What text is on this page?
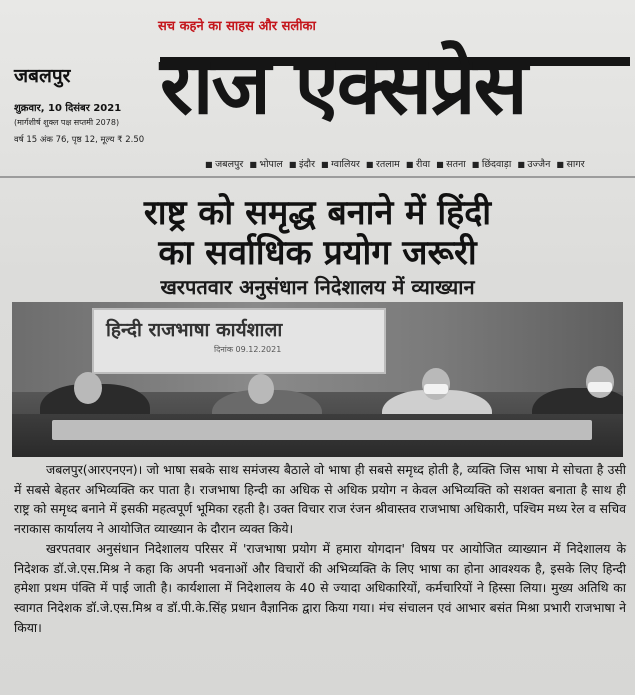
सच कहने का साहस और सलीका
जबलपुर
शुक्रवार, 10 दिसंबर 2021
(मार्गशीर्ष शुक्ल पक्ष सप्तमी 2078)
वर्ष 15 अंक 76, पृष्ठ 12, मूल्य ₹ 2.50
राज एक्सप्रेस
■ जबलपुर ■ भोपाल ■ इंदौर ■ ग्वालियर ■ रतलाम ■ रीवा ■ सतना ■ छिंदवाड़ा ■ उज्जैन ■ सागर
राष्ट्र को समृद्ध बनाने में हिंदी
का सर्वाधिक प्रयोग जरूरी
खरपतवार अनुसंधान निदेशालय में व्याख्यान
हिन्दी राजभाषा कार्यशाला
दिनांक 09.12.2021

जबलपुर(आरएनएन)। जो भाषा सबके साथ समंजस्य बैठाले वो भाषा ही सबसे समृध्द होती है, व्यक्ति जिस भाषा मे सोचता है उसी में सबसे बेहतर अभिव्यक्ति कर पाता है। राजभाषा हिन्दी का अधिक से अधिक प्रयोग न केवल अभिव्यक्ति को सशक्त बनाता है साथ ही राष्ट्र को समृध्द बनाने में इसकी महत्वपूर्ण भूमिका रहती है। उक्त विचार राज रंजन श्रीवास्तव राजभाषा अधिकारी, पश्चिम मध्य रेल व सचिव नराकास कार्यालय ने आयोजित व्याख्यान के दौरान व्यक्त किये।

खरपतवार अनुसंधान निदेशालय परिसर में 'राजभाषा प्रयोग में हमारा योगदान' विषय पर आयोजित व्याख्यान में निदेशालय के निदेशक डॉ.जे.एस.मिश्र ने कहा कि अपनी भवनाओं और विचारों की अभिव्यक्ति के लिए भाषा का होना आवश्यक है, इसके लिए हिन्दी हमेशा प्रथम पंक्ति में पाई जाती है। कार्यशाला में निदेशालय के 40 से ज्यादा अधिकारियों, कर्मचारियों ने हिस्सा लिया। मुख्य अतिथि का स्वागत निदेशक डॉ.जे.एस.मिश्र व डॉ.पी.के.सिंह प्रधान वैज्ञानिक द्वारा किया गया। मंच संचालन एवं आभार बसंत मिश्रा प्रभारी राजभाषा ने किया।
